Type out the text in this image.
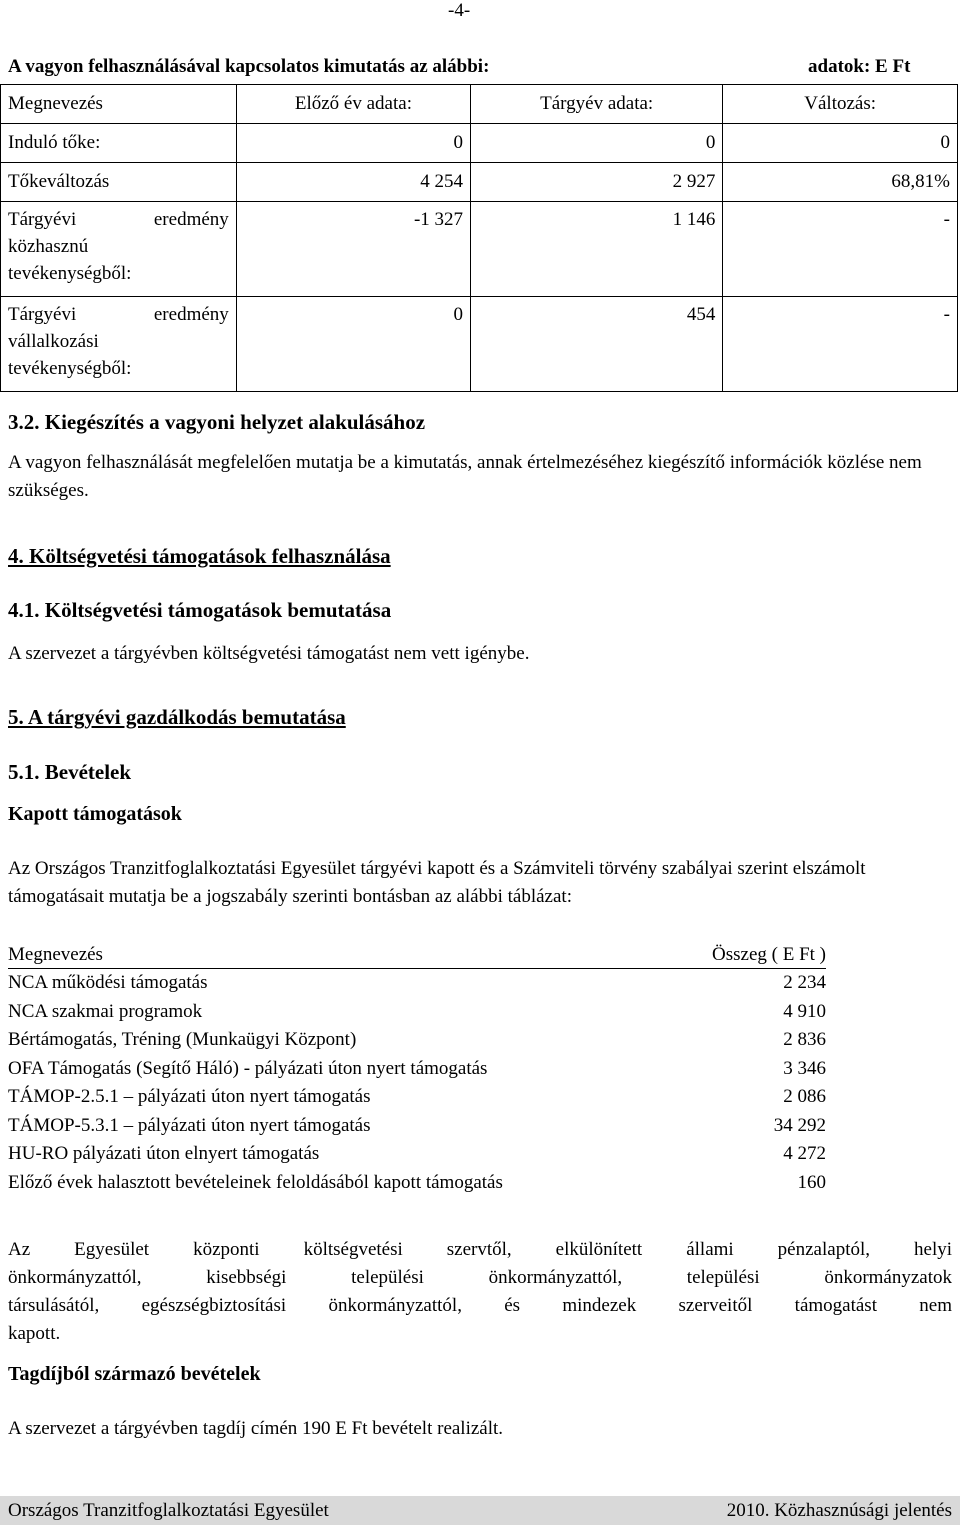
-4-
A vagyon felhasználásával kapcsolatos kimutatás az alábbi:	adatok: E Ft
Megnevezés	Előző év adata:	Tárgyév adata:	Változás:
Induló tőke:	0	0	0
Tőkeváltozás	4 254	2 927	68,81%

Tárgyévi eredmény
közhasznú
tevékenységből:	-1 327	1 146	-

Tárgyévi eredmény
vállalkozási
tevékenységből:	0	454	-
3.2. Kiegészítés a vagyoni helyzet alakulásához
A vagyon felhasználását megfelelően mutatja be a kimutatás, annak értelmezéséhez kiegészítő információk közlése nem szükséges.
4. Költségvetési támogatások felhasználása
4.1. Költségvetési támogatások bemutatása
A szervezet a tárgyévben költségvetési támogatást nem vett igénybe.
5. A tárgyévi gazdálkodás bemutatása
5.1. Bevételek
Kapott támogatások
Az Országos Tranzitfoglalkoztatási Egyesület tárgyévi kapott és a Számviteli törvény szabályai szerint elszámolt támogatásait mutatja be a jogszabály szerinti bontásban az alábbi táblázat:
Megnevezés	Összeg ( E Ft )
NCA működési támogatás	2 234
NCA szakmai programok	4 910
Bértámogatás, Tréning (Munkaügyi Központ)	2 836
OFA Támogatás (Segítő Háló) - pályázati úton nyert támogatás	3 346
TÁMOP-2.5.1 – pályázati úton nyert támogatás	2 086
TÁMOP-5.3.1 – pályázati úton nyert támogatás	34 292
HU-RO pályázati úton elnyert támogatás	4 272
Előző évek halasztott bevételeinek feloldásából kapott támogatás	160
Az Egyesület központi költségvetési szervtől, elkülönített állami pénzalaptól, helyi
önkormányzattól, kisebbségi települési önkormányzattól, települési önkormányzatok
társulásától, egészségbiztosítási önkormányzattól, és mindezek szerveitől támogatást nem
kapott.
Tagdíjból származó bevételek
A szervezet a tárgyévben tagdíj címén 190 E Ft bevételt realizált.
Országos Tranzitfoglalkoztatási Egyesület	2010. Közhasznúsági jelentés
